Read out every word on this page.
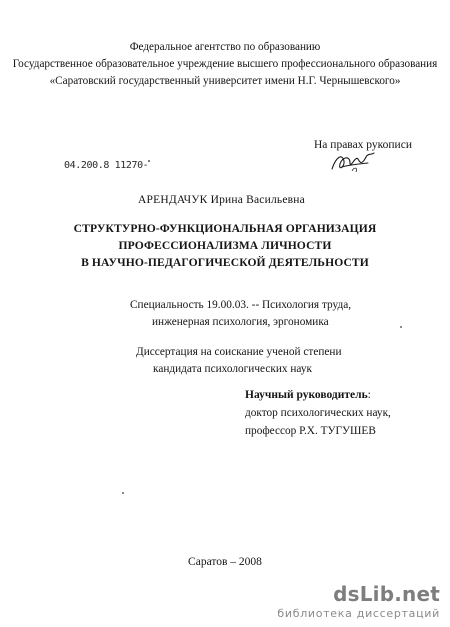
Федеральное агентство по образованию
Государственное образовательное учреждение высшего профессионального образования
«Саратовский государственный университет имени Н.Г. Чернышевского»
На правах рукописи
04.200.8 11270-
АРЕНДАЧУК Ирина Васильевна
СТРУКТУРНО-ФУНКЦИОНАЛЬНАЯ ОРГАНИЗАЦИЯ
ПРОФЕССИОНАЛИЗМА ЛИЧНОСТИ
В НАУЧНО-ПЕДАГОГИЧЕСКОЙ ДЕЯТЕЛЬНОСТИ
Специальность 19.00.03. -- Психология труда,
инженерная психология, эргономика
Диссертация на соискание ученой степени
кандидата психологических наук
Научный руководитель:
доктор психологических наук,
профессор Р.Х. ТУГУШЕВ
Саратов – 2008
dsLib.net
библиотека диссертаций
